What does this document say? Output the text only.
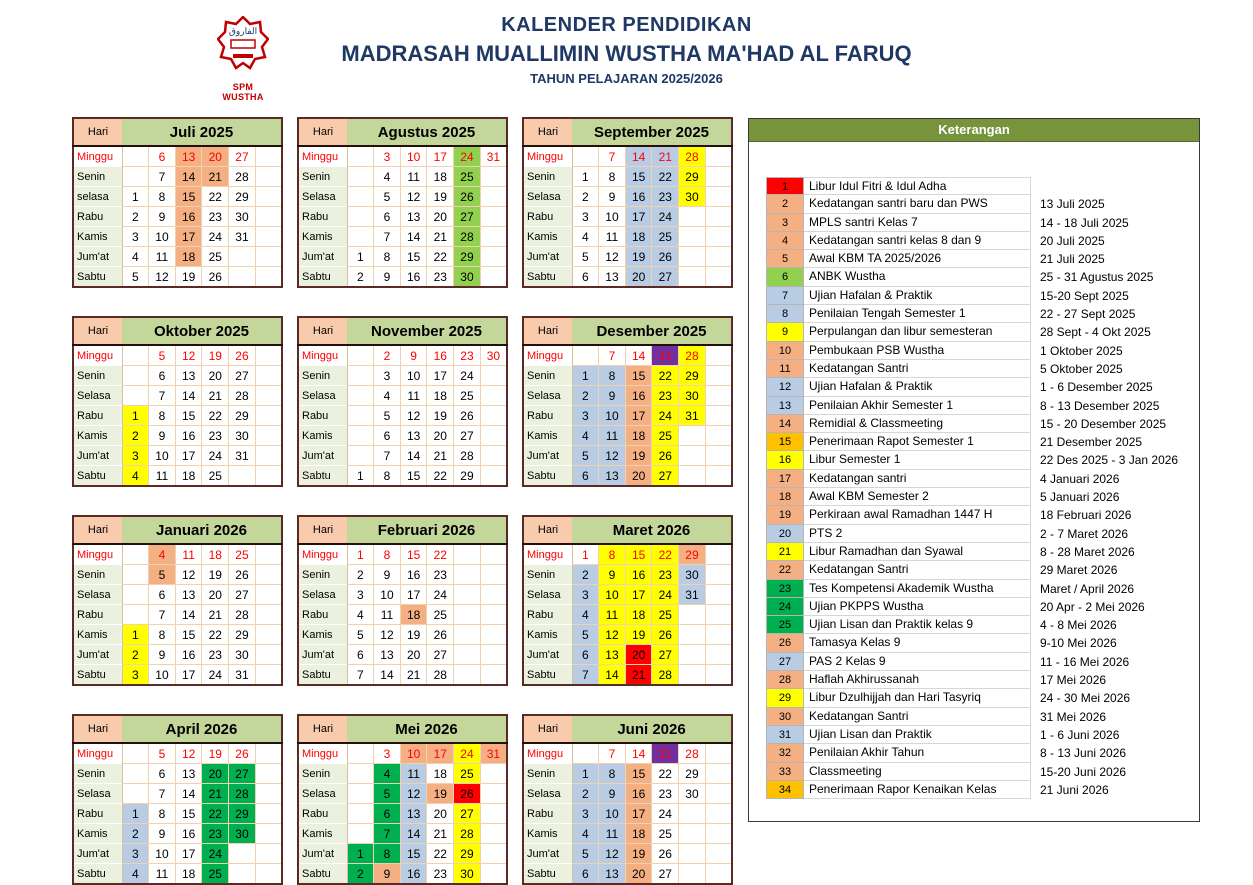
الفاروق
SPM WUSTHA
KALENDER PENDIDIKAN
MADRASAH MUALLIMIN WUSTHA MA'HAD AL FARUQ
TAHUN PELAJARAN 2025/2026
Hari	Juli 2025					
Minggu		6	13	20	27	
Senin		7	14	21	28	
selasa	1	8	15	22	29	
Rabu	2	9	16	23	30	
Kamis	3	10	17	24	31	
Jum'at	4	11	18	25		
Sabtu	5	12	19	26		
Hari	Agustus 2025					
Minggu		3	10	17	24	31
Senin		4	11	18	25	
Selasa		5	12	19	26	
Rabu		6	13	20	27	
Kamis		7	14	21	28	
Jum'at	1	8	15	22	29	
Sabtu	2	9	16	23	30	
Hari	September 2025					
Minggu		7	14	21	28	
Senin	1	8	15	22	29	
Selasa	2	9	16	23	30	
Rabu	3	10	17	24		
Kamis	4	11	18	25		
Jum'at	5	12	19	26		
Sabtu	6	13	20	27		
Hari	Oktober 2025					
Minggu		5	12	19	26	
Senin		6	13	20	27	
Selasa		7	14	21	28	
Rabu	1	8	15	22	29	
Kamis	2	9	16	23	30	
Jum'at	3	10	17	24	31	
Sabtu	4	11	18	25		
Hari	November 2025					
Minggu		2	9	16	23	30
Senin		3	10	17	24	
Selasa		4	11	18	25	
Rabu		5	12	19	26	
Kamis		6	13	20	27	
Jum'at		7	14	21	28	
Sabtu	1	8	15	22	29	
Hari	Desember 2025					
Minggu		7	14	21	28	
Senin	1	8	15	22	29	
Selasa	2	9	16	23	30	
Rabu	3	10	17	24	31	
Kamis	4	11	18	25		
Jum'at	5	12	19	26		
Sabtu	6	13	20	27		
Hari	Januari 2026					
Minggu		4	11	18	25	
Senin		5	12	19	26	
Selasa		6	13	20	27	
Rabu		7	14	21	28	
Kamis	1	8	15	22	29	
Jum'at	2	9	16	23	30	
Sabtu	3	10	17	24	31	
Hari	Februari 2026					
Minggu	1	8	15	22		
Senin	2	9	16	23		
Selasa	3	10	17	24		
Rabu	4	11	18	25		
Kamis	5	12	19	26		
Jum'at	6	13	20	27		
Sabtu	7	14	21	28		
Hari	Maret 2026					
Minggu	1	8	15	22	29	
Senin	2	9	16	23	30	
Selasa	3	10	17	24	31	
Rabu	4	11	18	25		
Kamis	5	12	19	26		
Jum'at	6	13	20	27		
Sabtu	7	14	21	28		
Hari	April 2026					
Minggu		5	12	19	26	
Senin		6	13	20	27	
Selasa		7	14	21	28	
Rabu	1	8	15	22	29	
Kamis	2	9	16	23	30	
Jum'at	3	10	17	24		
Sabtu	4	11	18	25		
Hari	Mei 2026					
Minggu		3	10	17	24	31
Senin		4	11	18	25	
Selasa		5	12	19	26	
Rabu		6	13	20	27	
Kamis		7	14	21	28	
Jum'at	1	8	15	22	29	
Sabtu	2	9	16	23	30	
Hari	Juni 2026					
Minggu		7	14	21	28	
Senin	1	8	15	22	29	
Selasa	2	9	16	23	30	
Rabu	3	10	17	24		
Kamis	4	11	18	25		
Jum'at	5	12	19	26		
Sabtu	6	13	20	27		
Keterangan
1	Libur Idul Fitri & Idul Adha
2	Kedatangan santri baru dan PWS	13 Juli 2025
3	MPLS santri Kelas 7	14 - 18 Juli 2025
4	Kedatangan santri kelas 8 dan 9	20 Juli 2025
5	Awal KBM TA 2025/2026	21 Juli 2025
6	ANBK Wustha	25 - 31 Agustus 2025
7	Ujian Hafalan & Praktik	15-20 Sept 2025
8	Penilaian Tengah Semester 1	22 - 27 Sept 2025
9	Perpulangan dan libur semesteran	28 Sept - 4 Okt 2025
10	Pembukaan PSB Wustha	1 Oktober 2025
11	Kedatangan Santri	5 Oktober 2025
12	Ujian Hafalan & Praktik	1 - 6 Desember 2025
13	Penilaian Akhir Semester 1	8 - 13 Desember 2025
14	Remidial & Classmeeting	15 - 20 Desember 2025
15	Penerimaan Rapot Semester 1	21 Desember 2025
16	Libur Semester 1	22 Des 2025 - 3 Jan 2026
17	Kedatangan santri	4 Januari 2026
18	Awal KBM Semester 2	5 Januari 2026
19	Perkiraan awal Ramadhan 1447 H	18 Februari 2026
20	PTS 2	2 - 7 Maret 2026
21	Libur Ramadhan dan Syawal	8 - 28 Maret 2026
22	Kedatangan Santri	29 Maret 2026
23	Tes Kompetensi Akademik Wustha	Maret / April 2026
24	Ujian PKPPS Wustha	20 Apr - 2 Mei 2026
25	Ujian Lisan dan Praktik kelas 9	4 - 8 Mei 2026
26	Tamasya Kelas 9	9-10 Mei 2026
27	PAS 2 Kelas 9	11 - 16 Mei 2026
28	Haflah Akhirussanah	17 Mei 2026
29	Libur Dzulhijjah dan Hari Tasyriq	24 - 30 Mei 2026
30	Kedatangan Santri	31 Mei 2026
31	Ujian Lisan dan Praktik	1 - 6 Juni 2026
32	Penilaian Akhir Tahun	8 - 13 Juni 2026
33	Classmeeting	15-20 Juni 2026
34	Penerimaan Rapor Kenaikan Kelas	21 Juni 2026
